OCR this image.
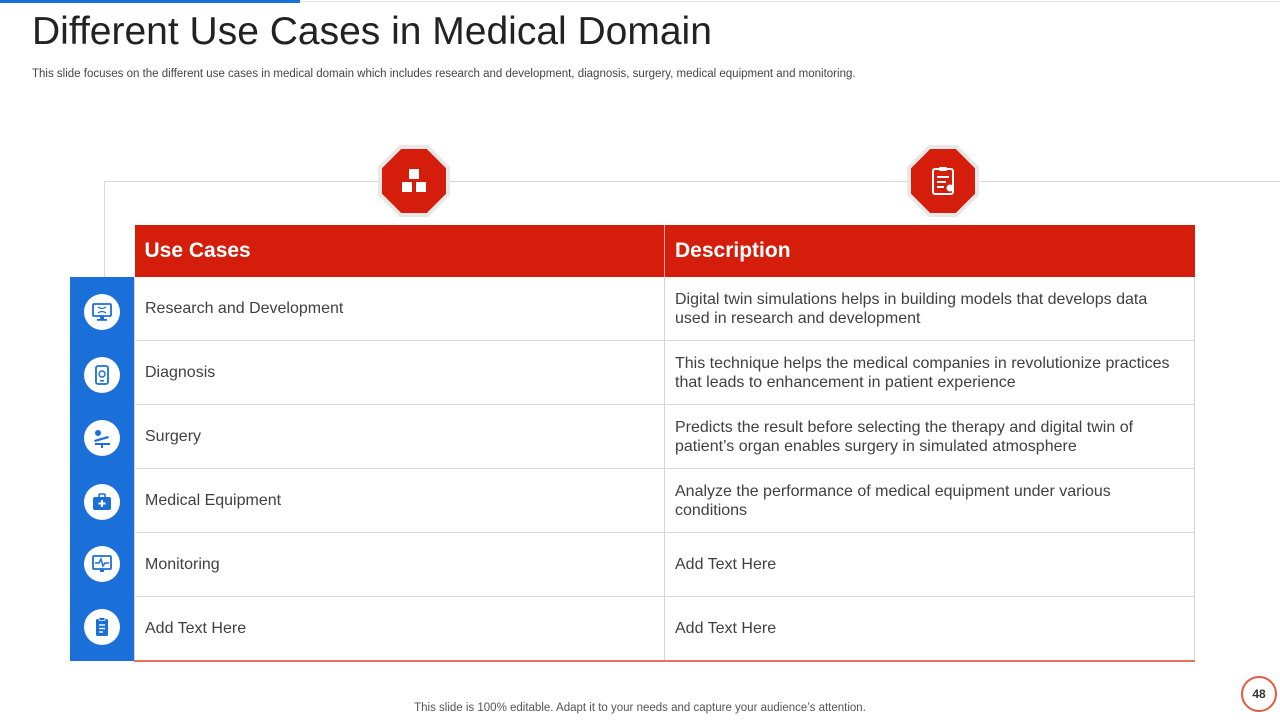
Different Use Cases in Medical Domain
This slide focuses on the different use cases in medical domain which includes research and development, diagnosis, surgery, medical equipment and monitoring.
Use Cases	Description
Research and Development	Digital twin simulations helps in building models that develops data used in research and development
Diagnosis	This technique helps the medical companies in revolutionize practices that leads to enhancement in patient experience
Surgery	Predicts the result before selecting the therapy and digital twin of patient’s organ enables surgery in simulated atmosphere
Medical Equipment	Analyze the performance of medical equipment under various conditions
Monitoring	Add Text Here
Add Text Here	Add Text Here
This slide is 100% editable. Adapt it to your needs and capture your audience’s attention.
48
